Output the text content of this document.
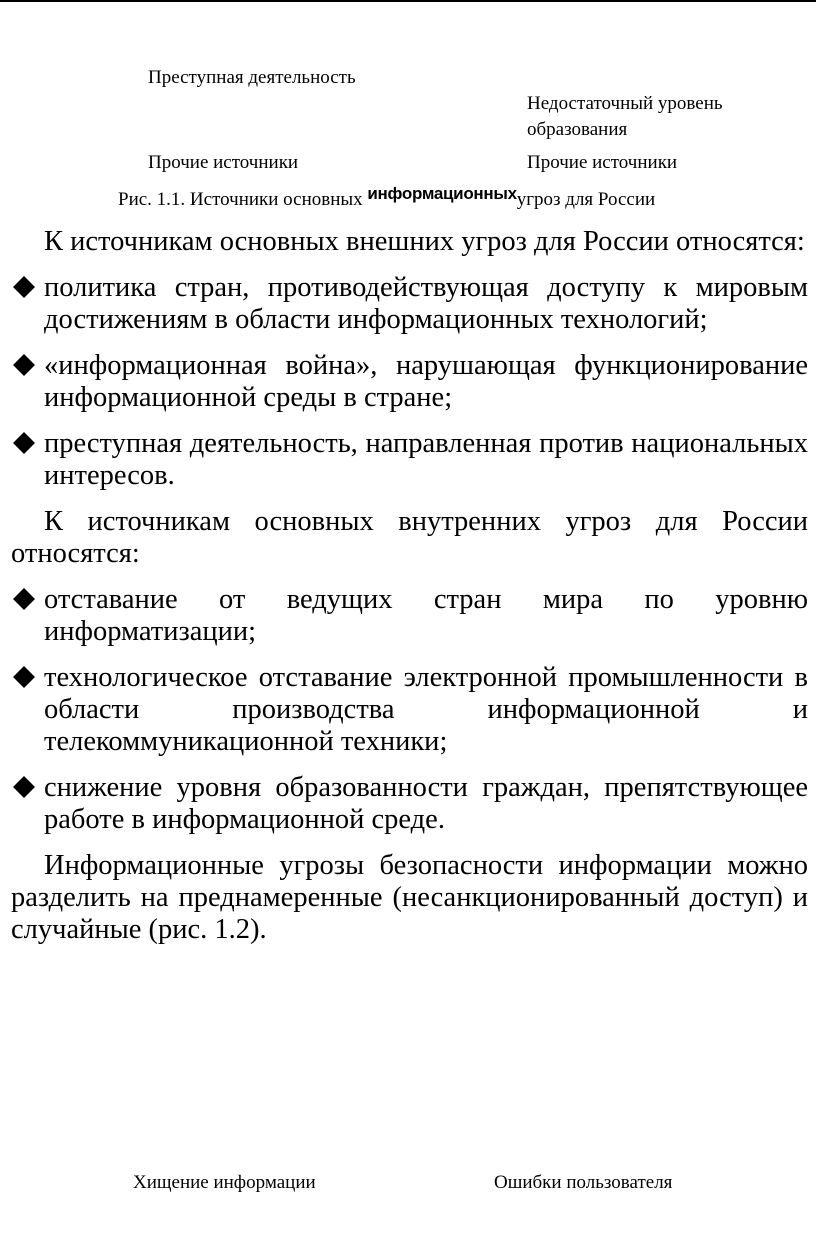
Преступная деятельность
Недостаточный уровень
образования
Прочие источники	Прочие источники
Рис. 1.1. Источники основных информационныхугроз для России

К источникам основных внешних угроз для России относятся:

политика стран, противодействующая доступу к мировым достижениям в области информационных технологий;
«информационная война», нарушающая функционирование информационной среды в стране;
преступная деятельность, направленная против национальных интересов.

К источникам основных внутренних угроз для России относятся:

отставание от ведущих стран мира по уровню информатизации;
технологическое отставание электронной промышленности в области производства информационной и телекоммуникационной техники;
снижение уровня образованности граждан, препятствующее работе в информационной среде.

Информационные угрозы безопасности информации можно разделить на преднамеренные (несанкционированный доступ) и случайные (рис. 1.2).

Хищение информации	Ошибки пользователя
